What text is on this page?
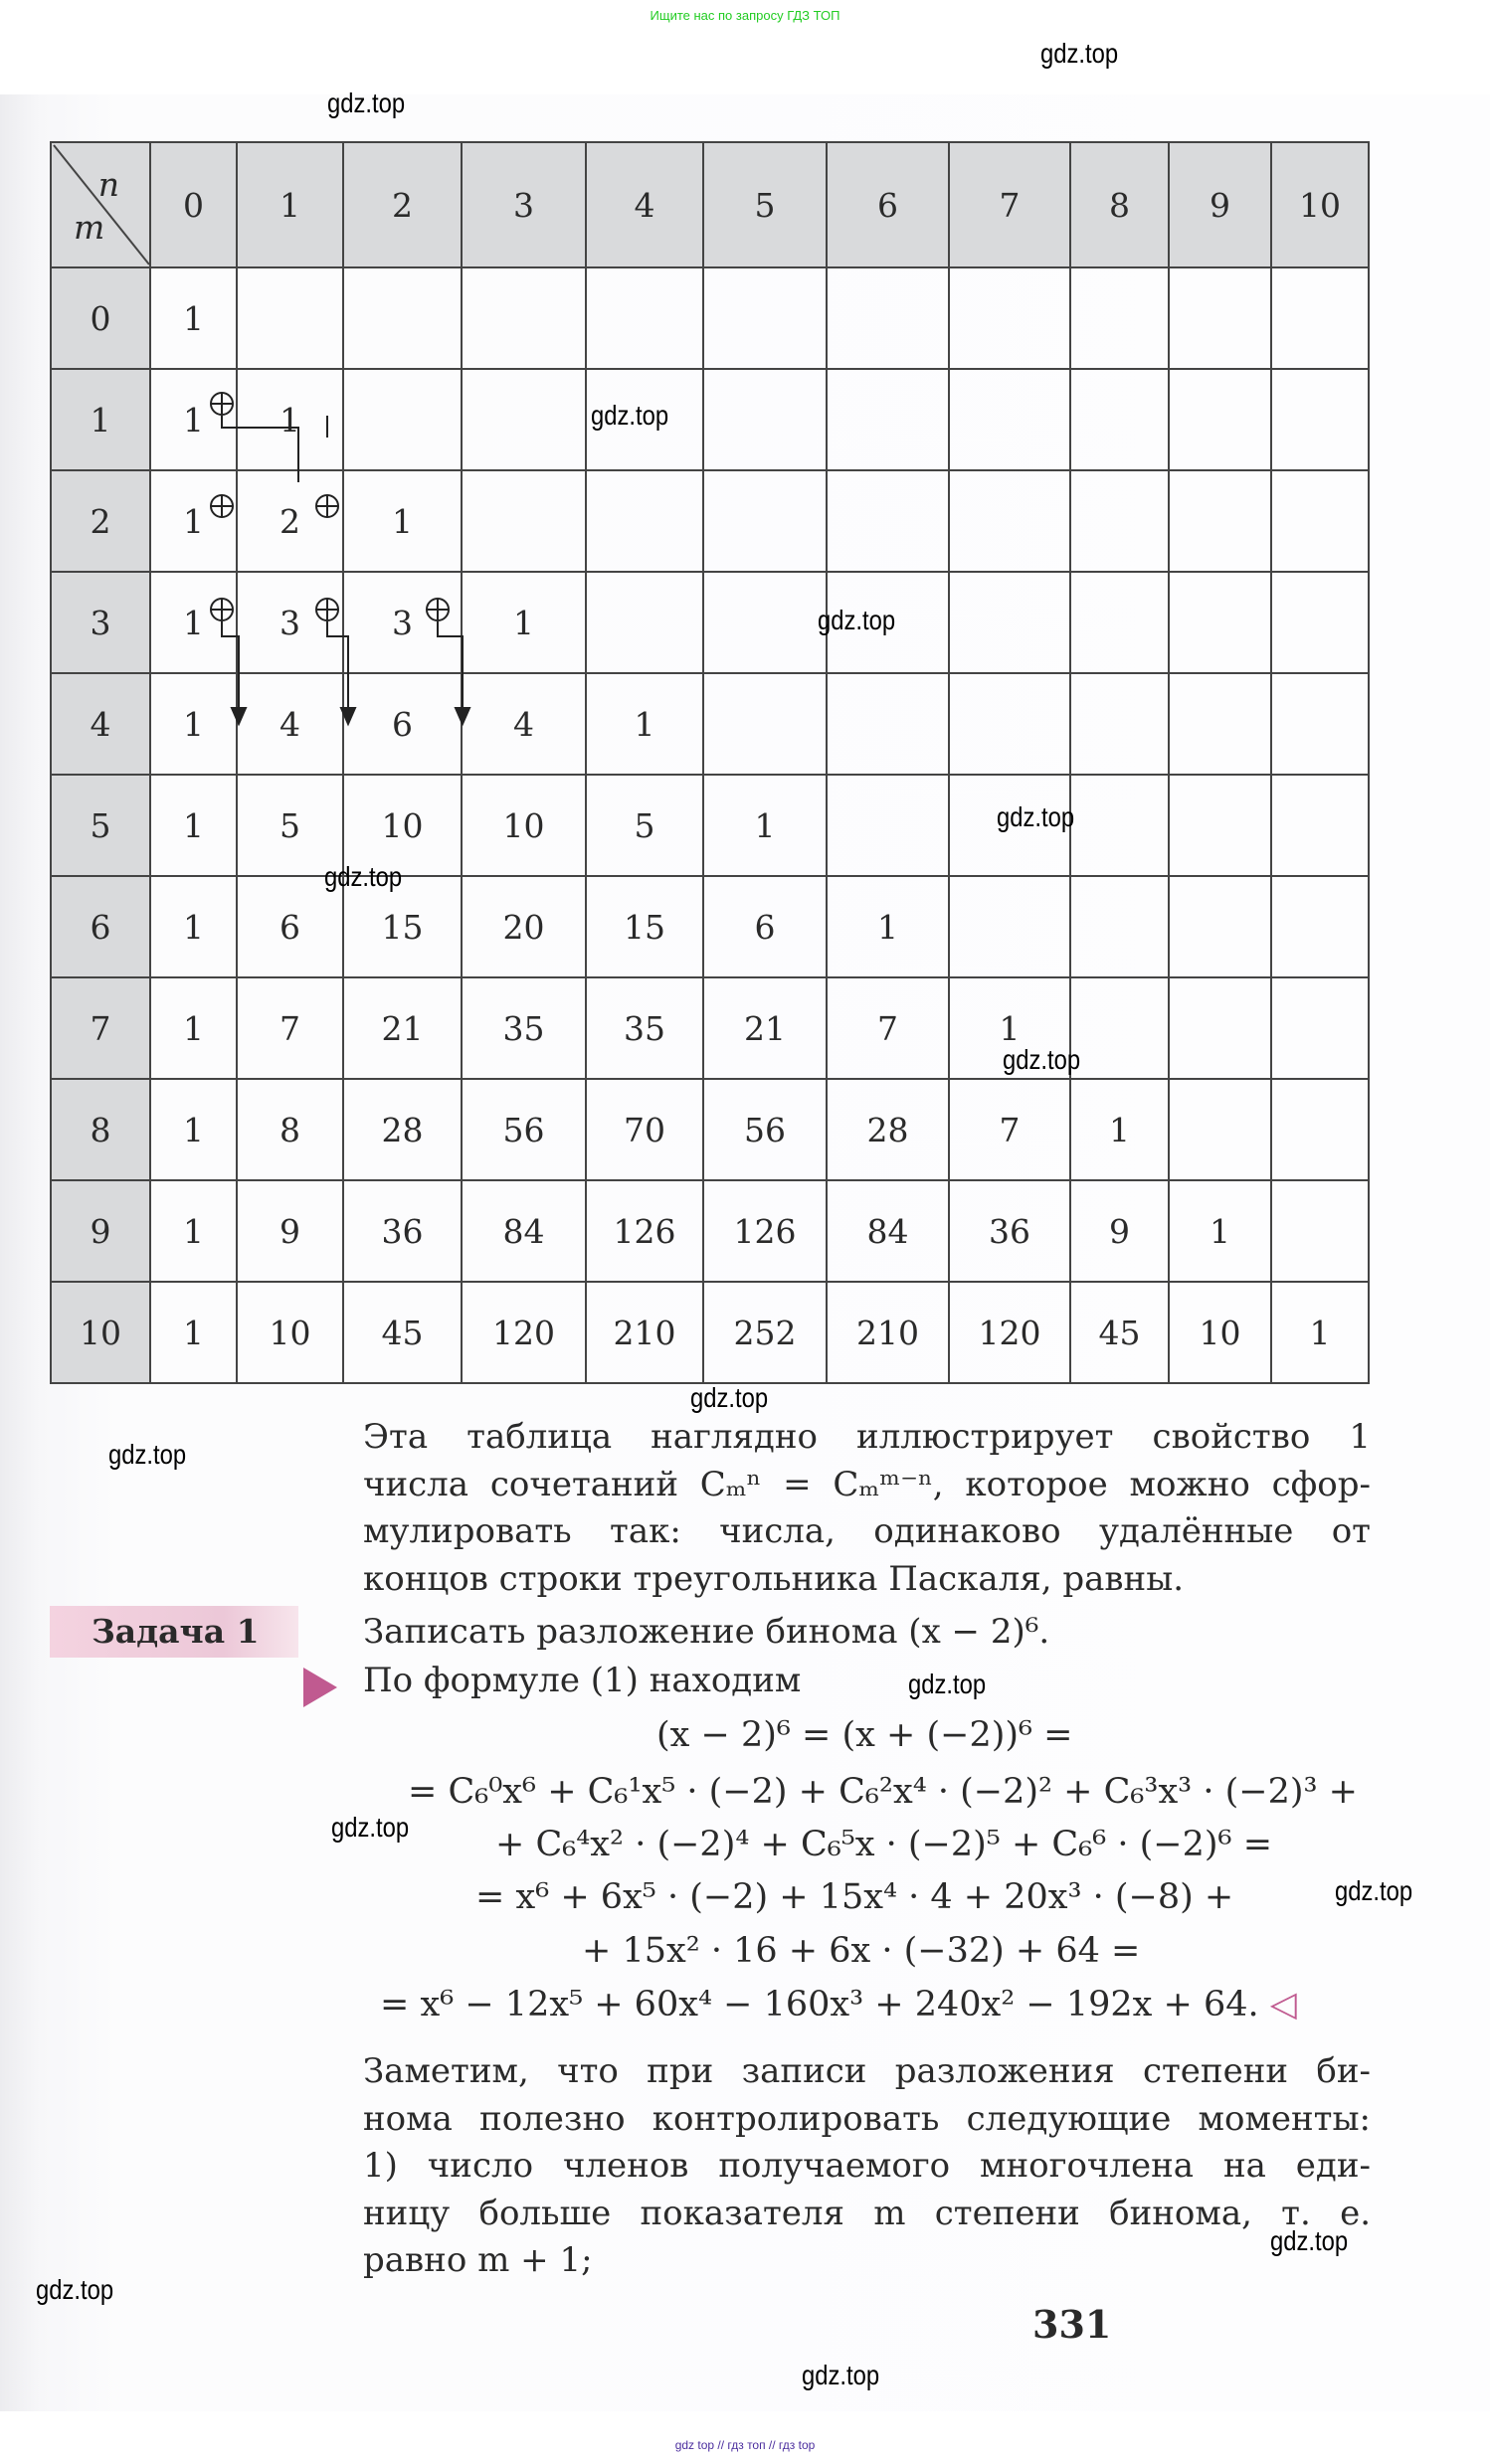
Ищите нас по запросу ГДЗ ТОП
n
m	0	1	2	3	4	5	6	7	8	9	10
0	1										
1	1	1									
2	1	2	1								
3	1	3	3	1							
4	1	4	6	4	1						
5	1	5	10	10	5	1					
6	1	6	15	20	15	6	1				
7	1	7	21	35	35	21	7	1			
8	1	8	28	56	70	56	28	7	1		
9	1	9	36	84	126	126	84	36	9	1	
10	1	10	45	120	210	252	210	120	45	10	1
Эта таблица наглядно иллюстрирует свойство 1
числа сочетаний Cₘⁿ = Cₘᵐ⁻ⁿ, которое можно сфор-
мулировать так: числа, одинаково удалённые от
концов строки треугольника Паскаля, равны.
Задача 1	Записать разложение бинома (x − 2)⁶.
По формуле (1) находим
(x − 2)⁶ = (x + (−2))⁶ =
= C₆⁰x⁶ + C₆¹x⁵ · (−2) + C₆²x⁴ · (−2)² + C₆³x³ · (−2)³ +
+ C₆⁴x² · (−2)⁴ + C₆⁵x · (−2)⁵ + C₆⁶ · (−2)⁶ =
= x⁶ + 6x⁵ · (−2) + 15x⁴ · 4 + 20x³ · (−8) +
+ 15x² · 16 + 6x · (−32) + 64 =
= x⁶ − 12x⁵ + 60x⁴ − 160x³ + 240x² − 192x + 64. ◁
Заметим, что при записи разложения степени би-
нома полезно контролировать следующие моменты:
1) число членов получаемого многочлена на еди-
ницу больше показателя m степени бинома, т. е.
равно m + 1;
331
gdz.top
gdz.top
gdz.top
gdz.top
gdz.top
gdz.top
gdz.top
gdz.top
gdz.top
gdz.top
gdz.top
gdz.top
gdz.top
gdz.top
gdz.top
gdz top // гдз топ // гдз top
